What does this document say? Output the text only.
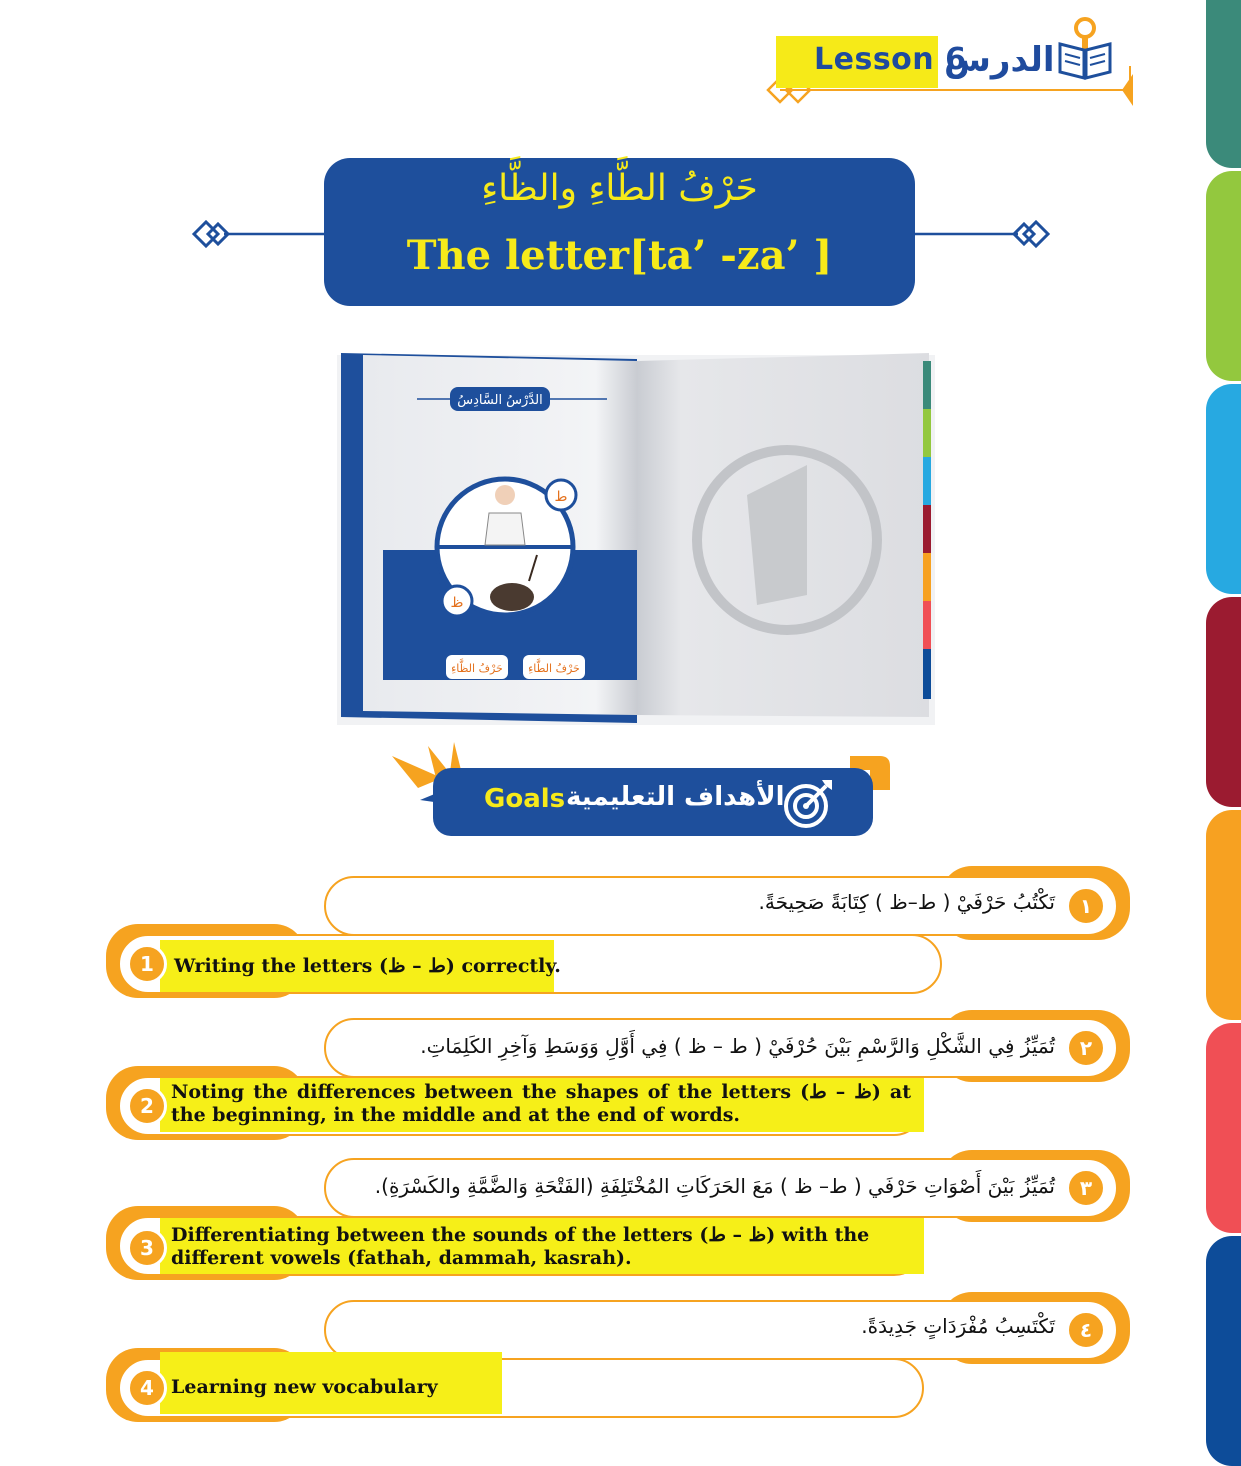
Lesson 6
الدرس
حَرْفُ الطَّاءِ والظَّاءِ
The letter[ta’ -za’ ]
الدَّرْسُ السَّادِسُ
ط
ظ
حَرْفُ الظَّاءِ حَرْفُ الطَّاءِ
Goals الأهداف التعليمية
١
تَكْتُبُ حَرْفَيْ ( ط–ظ ) كِتَابَةً صَحِيحَةً.
1	Writing the letters (ط – ظ) correctly.
٢
تُمَيِّزُ فِي الشَّكْلِ وَالرَّسْمِ بَيْنَ حُرْفَيْ ( ط – ظ ) فِي أَوَّلِ وَوَسَطِ وَآخِرِ الكَلِمَاتِ.
2
Noting the differences between the shapes of the letters (ظ – ط) at the beginning, in the middle and at the end of words.
٣
تُمَيِّزُ بَيْنَ أَصْوَاتِ حَرْفَي ( ط– ظ ) مَعَ الحَرَكَاتِ المُخْتَلِفَةِ (الفَتْحَةِ وَالضَّمَّةِ والكَسْرَةِ).
3
Differentiating between the sounds of the letters (ظ – ط) with the different vowels (fathah, dammah, kasrah).
٤
تَكْتَسِبُ مُفْرَدَاتٍ جَدِيدَةً.
4 Learning new vocabulary
